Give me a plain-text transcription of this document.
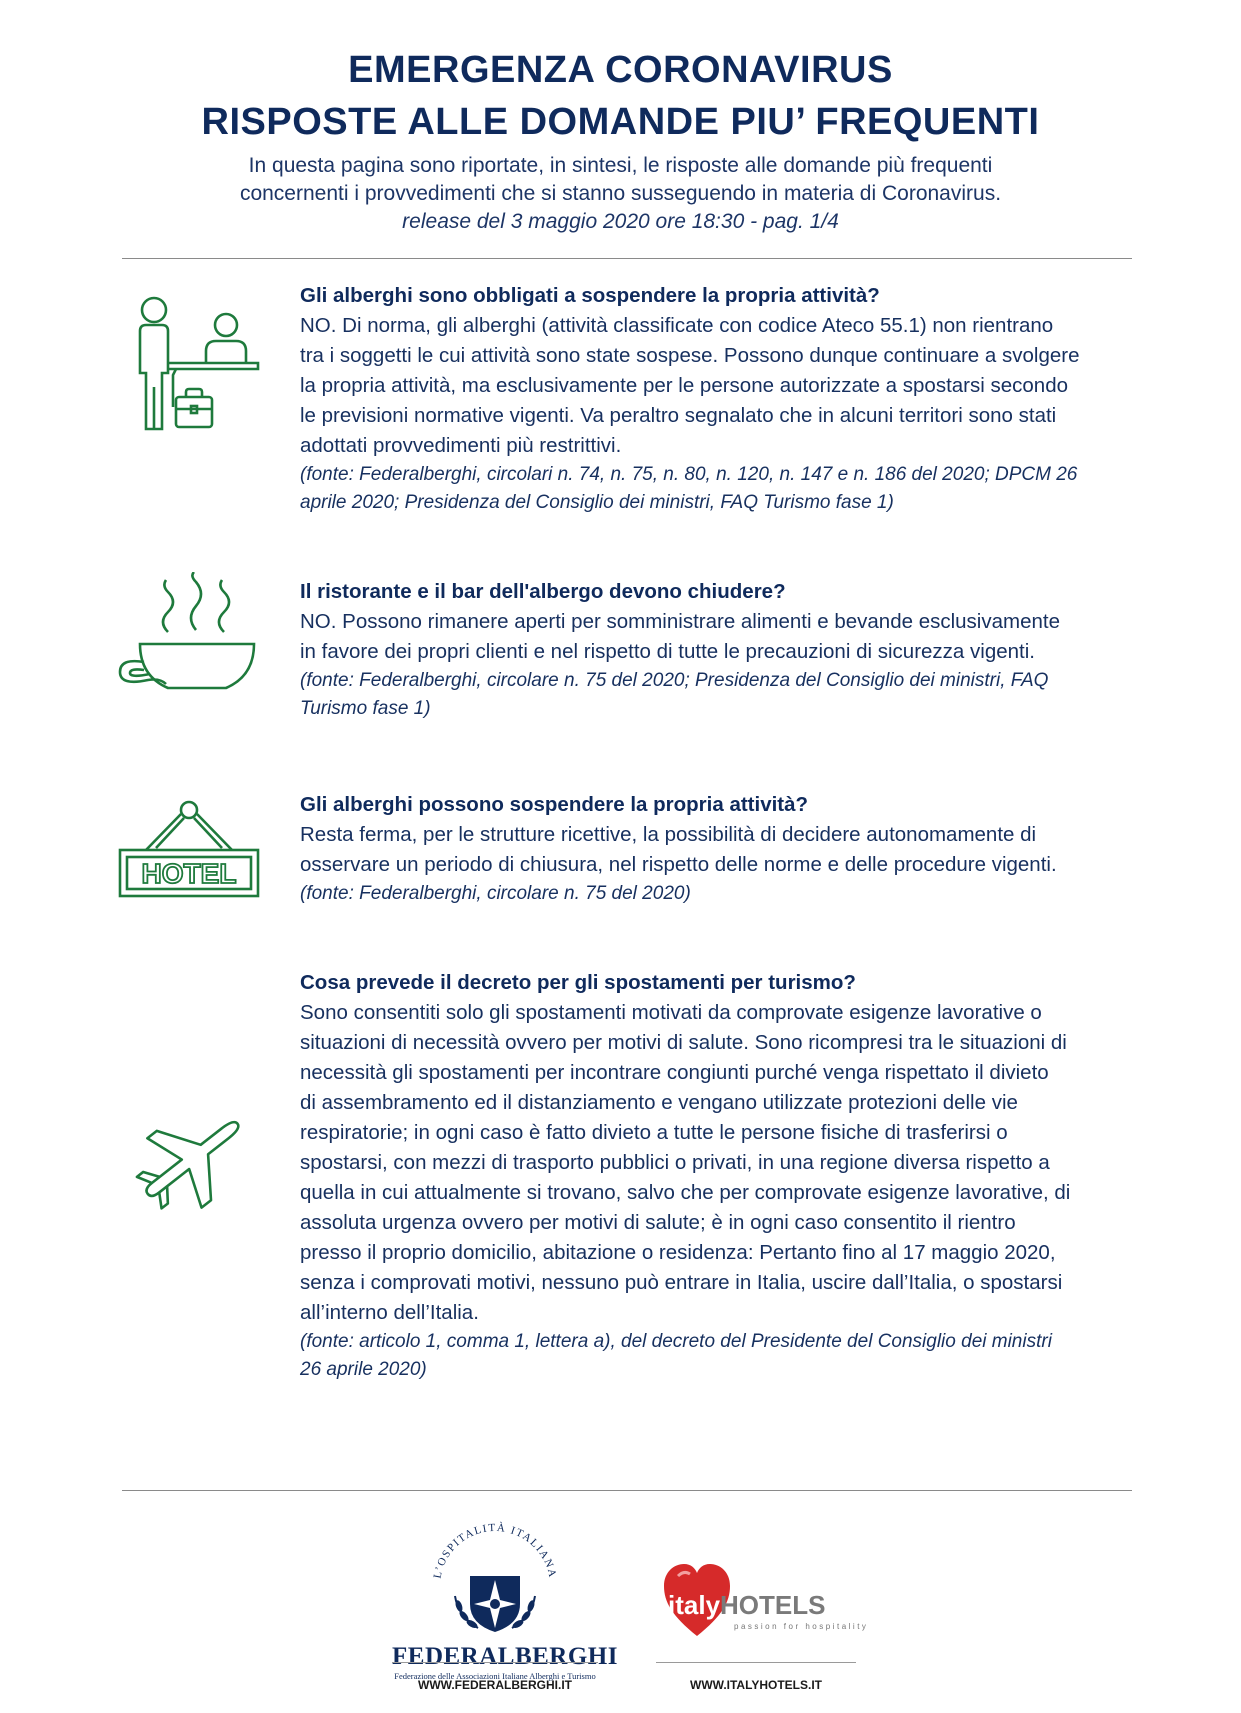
EMERGENZA CORONAVIRUS
RISPOSTE ALLE DOMANDE PIU’ FREQUENTI
In questa pagina sono riportate, in sintesi, le risposte alle domande più frequenti
concernenti i provvedimenti che si stanno susseguendo in materia di Coronavirus.
release del 3 maggio 2020 ore 18:30 - pag. 1/4
Gli alberghi sono obbligati a sospendere la propria attività?
NO. Di norma, gli alberghi (attività classificate con codice Ateco 55.1) non rientrano
tra i soggetti le cui attività sono state sospese. Possono dunque continuare a svolgere
la propria attività, ma esclusivamente per le persone autorizzate a spostarsi secondo
le previsioni normative vigenti. Va peraltro segnalato che in alcuni territori sono stati
adottati provvedimenti più restrittivi.
(fonte: Federalberghi, circolari n. 74, n. 75, n. 80, n. 120, n. 147 e n. 186 del 2020; DPCM 26
aprile 2020; Presidenza del Consiglio dei ministri, FAQ Turismo fase 1)
Il ristorante e il bar dell'albergo devono chiudere?
NO. Possono rimanere aperti per somministrare alimenti e bevande esclusivamente
in favore dei propri clienti e nel rispetto di tutte le precauzioni di sicurezza vigenti.
(fonte: Federalberghi, circolare n. 75 del 2020; Presidenza del Consiglio dei ministri, FAQ
Turismo fase 1)
HOTEL
Gli alberghi possono sospendere la propria attività?
Resta ferma, per le strutture ricettive, la possibilità di decidere autonomamente di
osservare un periodo di chiusura, nel rispetto delle norme e delle procedure vigenti.
(fonte: Federalberghi, circolare n. 75 del 2020)
Cosa prevede il decreto per gli spostamenti per turismo?
Sono consentiti solo gli spostamenti motivati da comprovate esigenze lavorative o
situazioni di necessità ovvero per motivi di salute. Sono ricompresi tra le situazioni di
necessità gli spostamenti per incontrare congiunti purché venga rispettato il divieto
di assembramento ed il distanziamento e vengano utilizzate protezioni delle vie
respiratorie; in ogni caso è fatto divieto a tutte le persone fisiche di trasferirsi o
spostarsi, con mezzi di trasporto pubblici o privati, in una regione diversa rispetto a
quella in cui attualmente si trovano, salvo che per comprovate esigenze lavorative, di
assoluta urgenza ovvero per motivi di salute; è in ogni caso consentito il rientro
presso il proprio domicilio, abitazione o residenza: Pertanto fino al 17 maggio 2020,
senza i comprovati motivi, nessuno può entrare in Italia, uscire dall’Italia, o spostarsi
all’interno dell’Italia.
(fonte: articolo 1, comma 1, lettera a), del decreto del Presidente del Consiglio dei ministri
26 aprile 2020)
L’OSPITALITÀ ITALIANA
FEDERALBERGHI
Federazione delle Associazioni Italiane Alberghi e Turismo
WWW.FEDERALBERGHI.IT
italyHOTELS
passion for hospitality
WWW.ITALYHOTELS.IT
